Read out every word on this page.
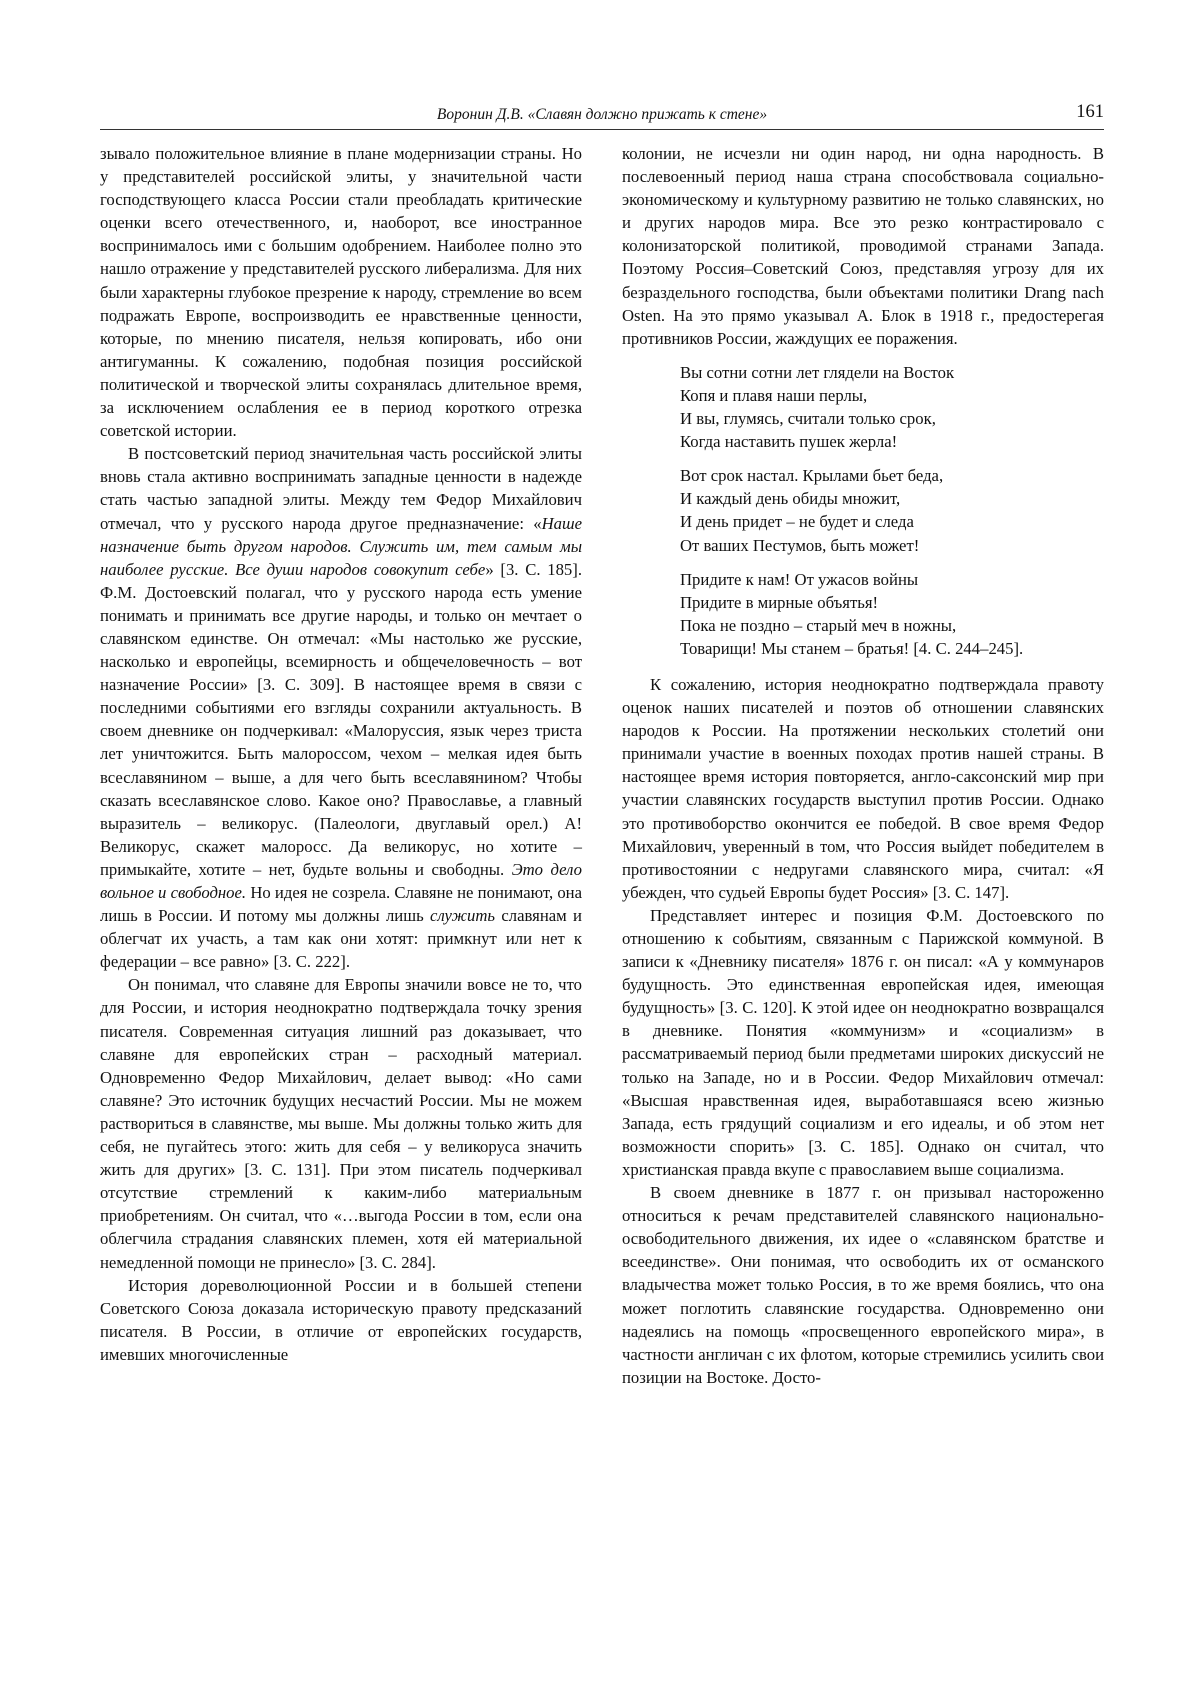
Воронин Д.В. «Славян должно прижать к стене»	161

зывало положительное влияние в плане модернизации страны. Но у представителей российской элиты, у значительной части господствующего класса России стали преобладать критические оценки всего отечественного, и, наоборот, все иностранное воспринималось ими с большим одобрением. Наиболее полно это нашло отражение у представителей русского либерализма. Для них были характерны глубокое презрение к народу, стремление во всем подражать Европе, воспроизводить ее нравственные ценности, которые, по мнению писателя, нельзя копировать, ибо они антигуманны. К сожалению, подобная позиция российской политической и творческой элиты сохранялась длительное время, за исключением ослабления ее в период короткого отрезка советской истории.

В постсоветский период значительная часть российской элиты вновь стала активно воспринимать западные ценности в надежде стать частью западной элиты. Между тем Федор Михайлович отмечал, что у русского народа другое предназначение: «Наше назначение быть другом народов. Служить им, тем самым мы наиболее русские. Все души народов совокупит себе» [3. С. 185]. Ф.М. Достоевский полагал, что у русского народа есть умение понимать и принимать все другие народы, и только он мечтает о славянском единстве. Он отмечал: «Мы настолько же русские, насколько и европейцы, всемирность и общечеловечность – вот назначение России» [3. С. 309]. В настоящее время в связи с последними событиями его взгляды сохранили актуальность. В своем дневнике он подчеркивал: «Малоруссия, язык через триста лет уничтожится. Быть малороссом, чехом – мелкая идея быть всеславянином – выше, а для чего быть всеславянином? Чтобы сказать всеславянское слово. Какое оно? Православье, а главный выразитель – великорус. (Палеологи, двуглавый орел.) А! Великорус, скажет малоросс. Да великорус, но хотите – примыкайте, хотите – нет, будьте вольны и свободны. Это дело вольное и свободное. Но идея не созрела. Славяне не понимают, она лишь в России. И потому мы должны лишь служить славянам и облегчат их участь, а там как они хотят: примкнут или нет к федерации – все равно» [3. С. 222].

Он понимал, что славяне для Европы значили вовсе не то, что для России, и история неоднократно подтверждала точку зрения писателя. Современная ситуация лишний раз доказывает, что славяне для европейских стран – расходный материал. Одновременно Федор Михайлович, делает вывод: «Но сами славяне? Это источник будущих несчастий России. Мы не можем раствориться в славянстве, мы выше. Мы должны только жить для себя, не пугайтесь этого: жить для себя – у великоруса значить жить для других» [3. С. 131]. При этом писатель подчеркивал отсутствие стремлений к каким-либо материальным приобретениям. Он считал, что «…выгода России в том, если она облегчила страдания славянских племен, хотя ей материальной немедленной помощи не принесло» [3. С. 284].

История дореволюционной России и в большей степени Советского Союза доказала историческую правоту предсказаний писателя. В России, в отличие от европейских государств, имевших многочисленные

колонии, не исчезли ни один народ, ни одна народность. В послевоенный период наша страна способствовала социально-экономическому и культурному развитию не только славянских, но и других народов мира. Все это резко контрастировало с колонизаторской политикой, проводимой странами Запада. Поэтому Россия–Советский Союз, представляя угрозу для их безраздельного господства, были объектами политики Drang nach Osten. На это прямо указывал А. Блок в 1918 г., предостерегая противников России, жаждущих ее поражения.

Вы сотни сотни лет глядели на Восток
Копя и плавя наши перлы,
И вы, глумясь, считали только срок,
Когда наставить пушек жерла!
Вот срок настал. Крылами бьет беда,
И каждый день обиды множит,
И день придет – не будет и следа
От ваших Пестумов, быть может!
Придите к нам! От ужасов войны
Придите в мирные объятья!
Пока не поздно – старый меч в ножны,
Товарищи! Мы станем – братья! [4. С. 244–245].

К сожалению, история неоднократно подтверждала правоту оценок наших писателей и поэтов об отношении славянских народов к России. На протяжении нескольких столетий они принимали участие в военных походах против нашей страны. В настоящее время история повторяется, англо-саксонский мир при участии славянских государств выступил против России. Однако это противоборство окончится ее победой. В свое время Федор Михайлович, уверенный в том, что Россия выйдет победителем в противостоянии с недругами славянского мира, считал: «Я убежден, что судьей Европы будет Россия» [3. С. 147].

Представляет интерес и позиция Ф.М. Достоевского по отношению к событиям, связанным с Парижской коммуной. В записи к «Дневнику писателя» 1876 г. он писал: «А у коммунаров будущность. Это единственная европейская идея, имеющая будущность» [3. С. 120]. К этой идее он неоднократно возвращался в дневнике. Понятия «коммунизм» и «социализм» в рассматриваемый период были предметами широких дискуссий не только на Западе, но и в России. Федор Михайлович отмечал: «Высшая нравственная идея, выработавшаяся всею жизнью Запада, есть грядущий социализм и его идеалы, и об этом нет возможности спорить» [3. С. 185]. Однако он считал, что христианская правда вкупе с православием выше социализма.

В своем дневнике в 1877 г. он призывал настороженно относиться к речам представителей славянского национально-освободительного движения, их идее о «славянском братстве и всеединстве». Они понимая, что освободить их от османского владычества может только Россия, в то же время боялись, что она может поглотить славянские государства. Одновременно они надеялись на помощь «просвещенного европейского мира», в частности англичан с их флотом, которые стремились усилить свои позиции на Востоке. Досто-
